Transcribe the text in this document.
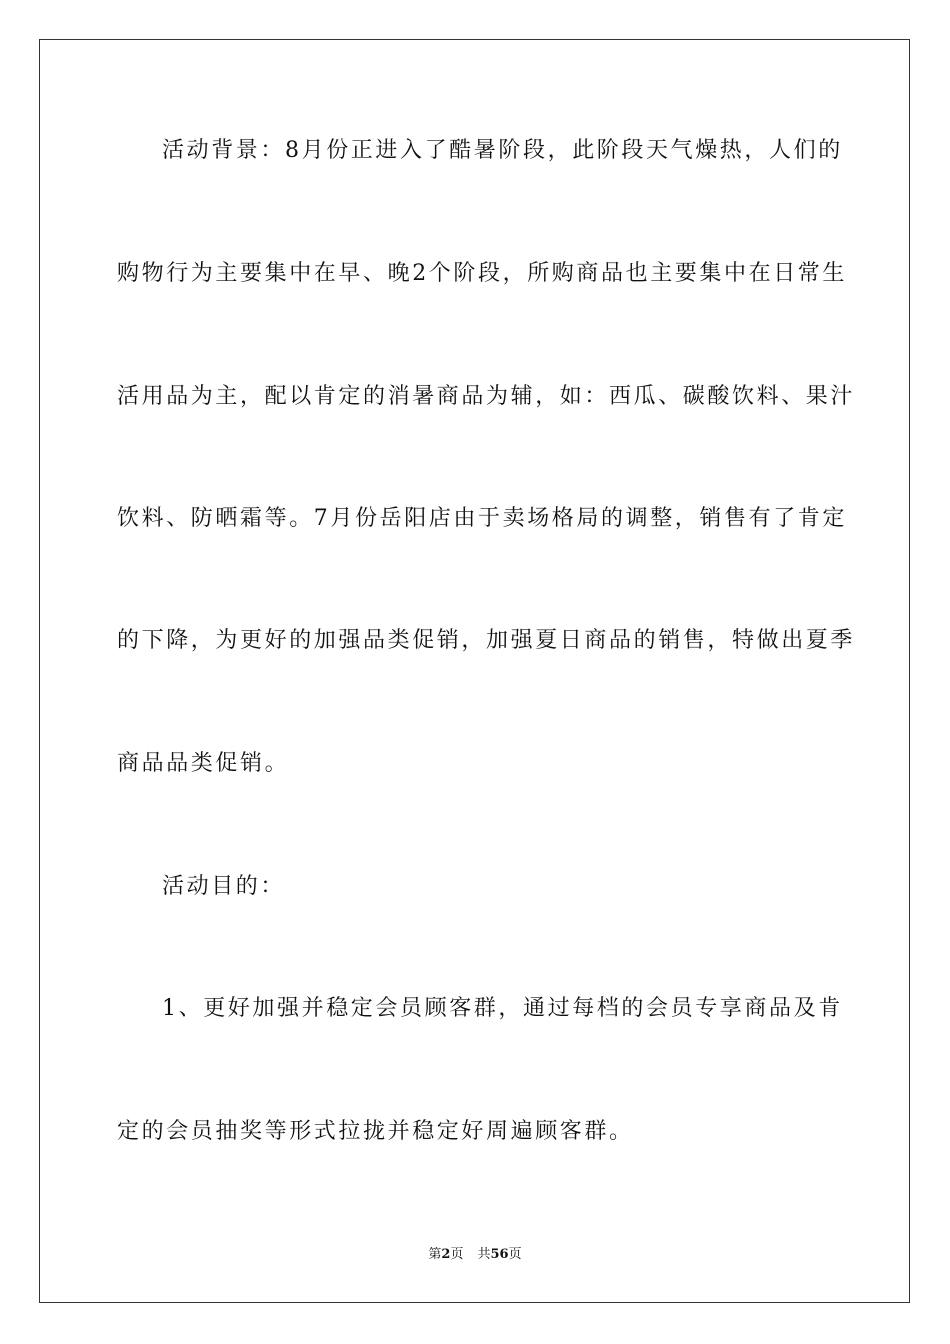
活动背景：8月份正进入了酷暑阶段，此阶段天气燥热，人们的
购物行为主要集中在早、晚2个阶段，所购商品也主要集中在日常生
活用品为主，配以肯定的消暑商品为辅，如：西瓜、碳酸饮料、果汁
饮料、防晒霜等。7月份岳阳店由于卖场格局的调整，销售有了肯定
的下降，为更好的加强品类促销，加强夏日商品的销售，特做出夏季
商品品类促销。
活动目的：
1、更好加强并稳定会员顾客群，通过每档的会员专享商品及肯
定的会员抽奖等形式拉拢并稳定好周遍顾客群。
第2页 共56页
